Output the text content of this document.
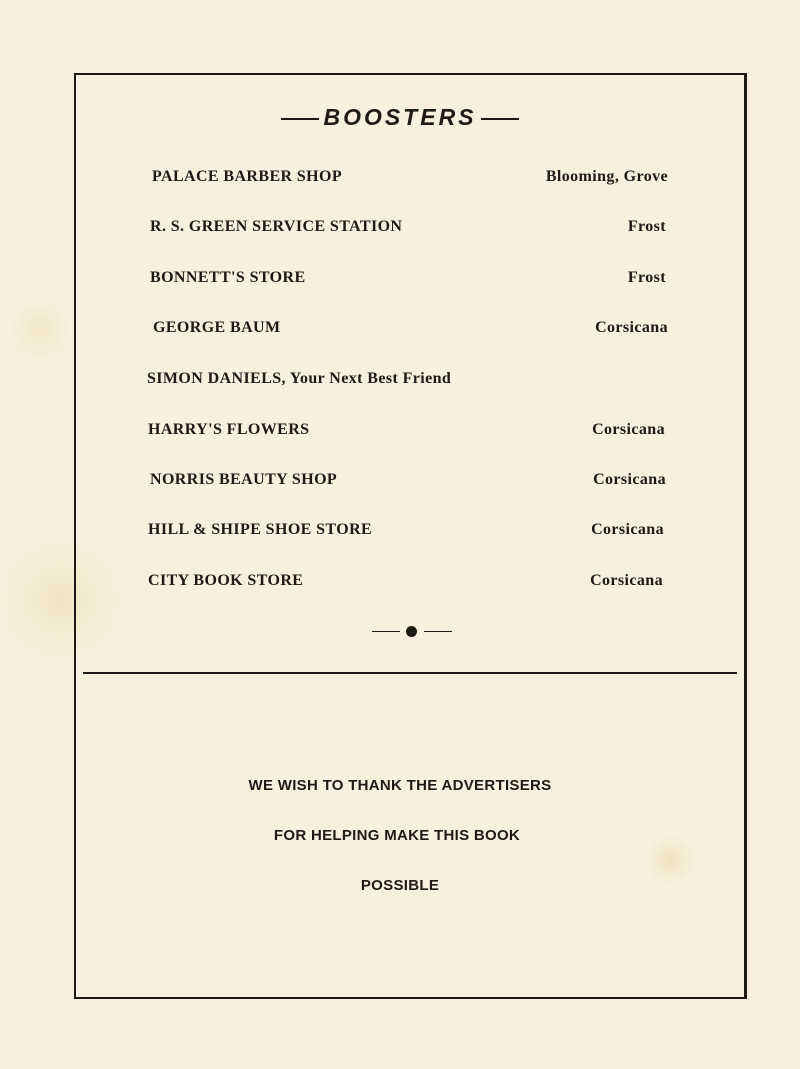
BOOSTERS
PALACE BARBER SHOP	Blooming, Grove
R. S. GREEN SERVICE STATION	Frost
BONNETT'S STORE	Frost
GEORGE BAUM	Corsicana
SIMON DANIELS, Your Next Best Friend
HARRY'S FLOWERS	Corsicana
NORRIS BEAUTY SHOP	Corsicana
HILL & SHIPE SHOE STORE	Corsicana
CITY BOOK STORE	Corsicana
WE WISH TO THANK THE ADVERTISERS
FOR HELPING MAKE THIS BOOK
POSSIBLE
